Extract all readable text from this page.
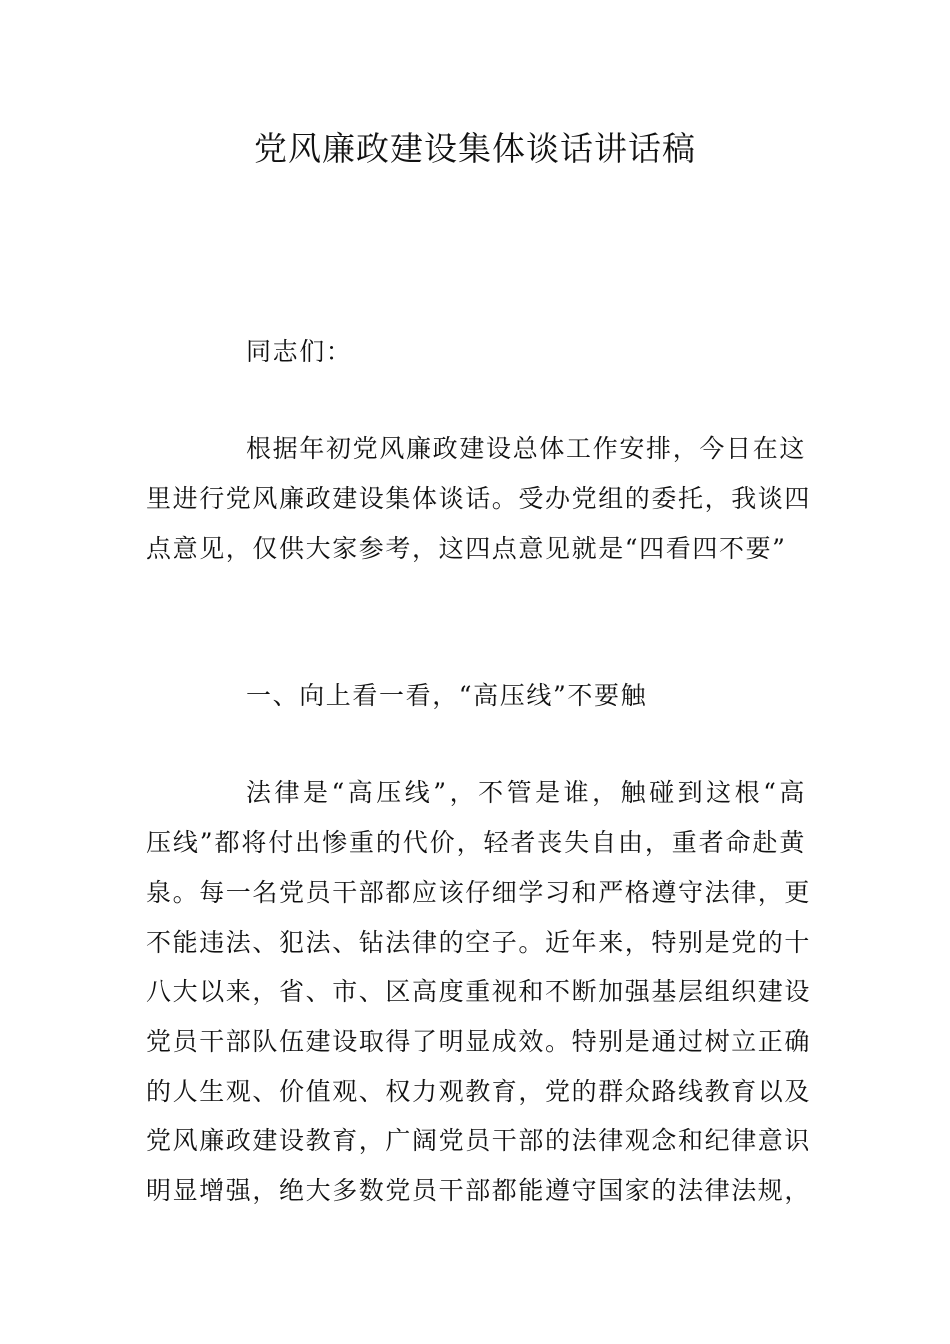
党风廉政建设集体谈话讲话稿
同志们：
根据年初党风廉政建设总体工作安排，今日在这
里进行党风廉政建设集体谈话。受办党组的委托，我谈四
点意见，仅供大家参考，这四点意见就是“四看四不要”
一、向上看一看，“高压线”不要触
法律是“高压线”，不管是谁，触碰到这根“高
压线”都将付出惨重的代价，轻者丧失自由，重者命赴黄
泉。每一名党员干部都应该仔细学习和严格遵守法律，更
不能违法、犯法、钻法律的空子。近年来，特别是党的十
八大以来，省、市、区高度重视和不断加强基层组织建设
党员干部队伍建设取得了明显成效。特别是通过树立正确
的人生观、价值观、权力观教育，党的群众路线教育以及
党风廉政建设教育，广阔党员干部的法律观念和纪律意识
明显增强，绝大多数党员干部都能遵守国家的法律法规，
